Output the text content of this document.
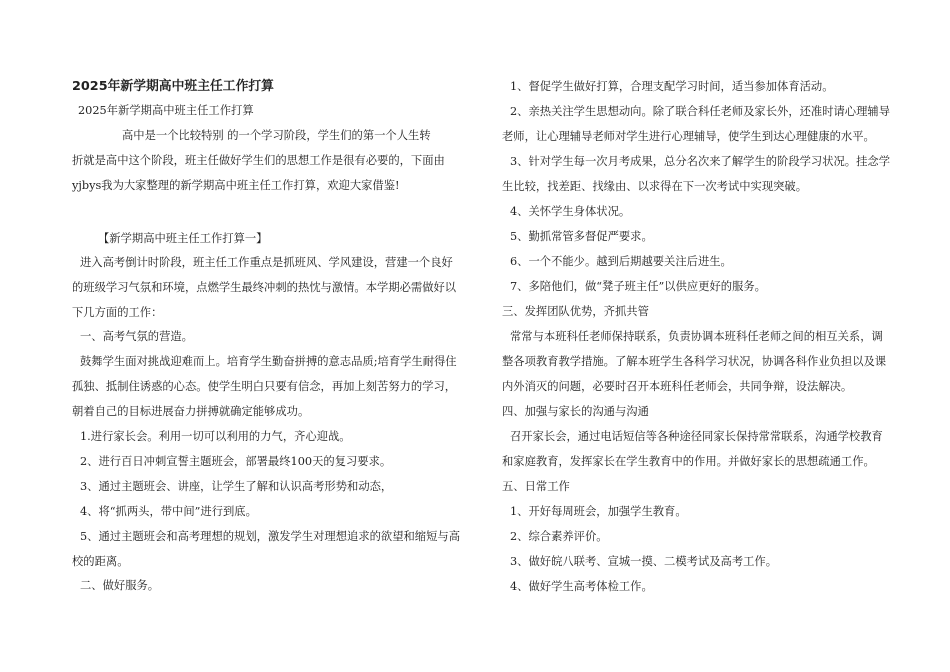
2025年新学期高中班主任工作打算
2025年新学期高中班主任工作打算
高中是一个比较特别 的一个学习阶段，学生们的第一个人生转
折就是高中这个阶段，班主任做好学生们的思想工作是很有必要的，下面由
yjbys我为大家整理的新学期高中班主任工作打算，欢迎大家借鉴!
【新学期高中班主任工作打算一】
进入高考倒计时阶段，班主任工作重点是抓班风、学风建设，营建一个良好
的班级学习气氛和环境，点燃学生最终冲刺的热忱与激情。本学期必需做好以
下几方面的工作：
一、高考气氛的营造。
鼓舞学生面对挑战迎难而上。培育学生勤奋拼搏的意志品质;培育学生耐得住
孤独、抵制住诱惑的心态。使学生明白只要有信念，再加上刻苦努力的学习，
朝着自己的目标进展奋力拼搏就确定能够成功。
1.进行家长会。利用一切可以利用的力气，齐心迎战。
2、进行百日冲刺宣誓主题班会，部署最终100天的复习要求。
3、通过主题班会、讲座，让学生了解和认识高考形势和动态，
4、将“抓两头，带中间”进行到底。
5、通过主题班会和高考理想的规划，激发学生对理想追求的欲望和缩短与高
校的距离。
二、做好服务。
1、督促学生做好打算，合理支配学习时间，适当参加体育活动。
2、亲热关注学生思想动向。除了联合科任老师及家长外，还准时请心理辅导
老师，让心理辅导老师对学生进行心理辅导，使学生到达心理健康的水平。
3、针对学生每一次月考成果，总分名次来了解学生的阶段学习状况。挂念学
生比较，找差距、找缘由、以求得在下一次考试中实现突破。
4、关怀学生身体状况。
5、勤抓常管多督促严要求。
6、一个不能少。越到后期越要关注后进生。
7、多陪他们，做“凳子班主任”以供应更好的服务。
三、发挥团队优势，齐抓共管
常常与本班科任老师保持联系，负责协调本班科任老师之间的相互关系，调
整各项教育教学措施。了解本班学生各科学习状况，协调各科作业负担以及课
内外消灭的问题，必要时召开本班科任老师会，共同争辩，设法解决。
四、加强与家长的沟通与沟通
召开家长会，通过电话短信等各种途径同家长保持常常联系，沟通学校教育
和家庭教育，发挥家长在学生教育中的作用。并做好家长的思想疏通工作。
五、日常工作
1、开好每周班会，加强学生教育。
2、综合素养评价。
3、做好皖八联考、宣城一摸、二模考试及高考工作。
4、做好学生高考体检工作。
